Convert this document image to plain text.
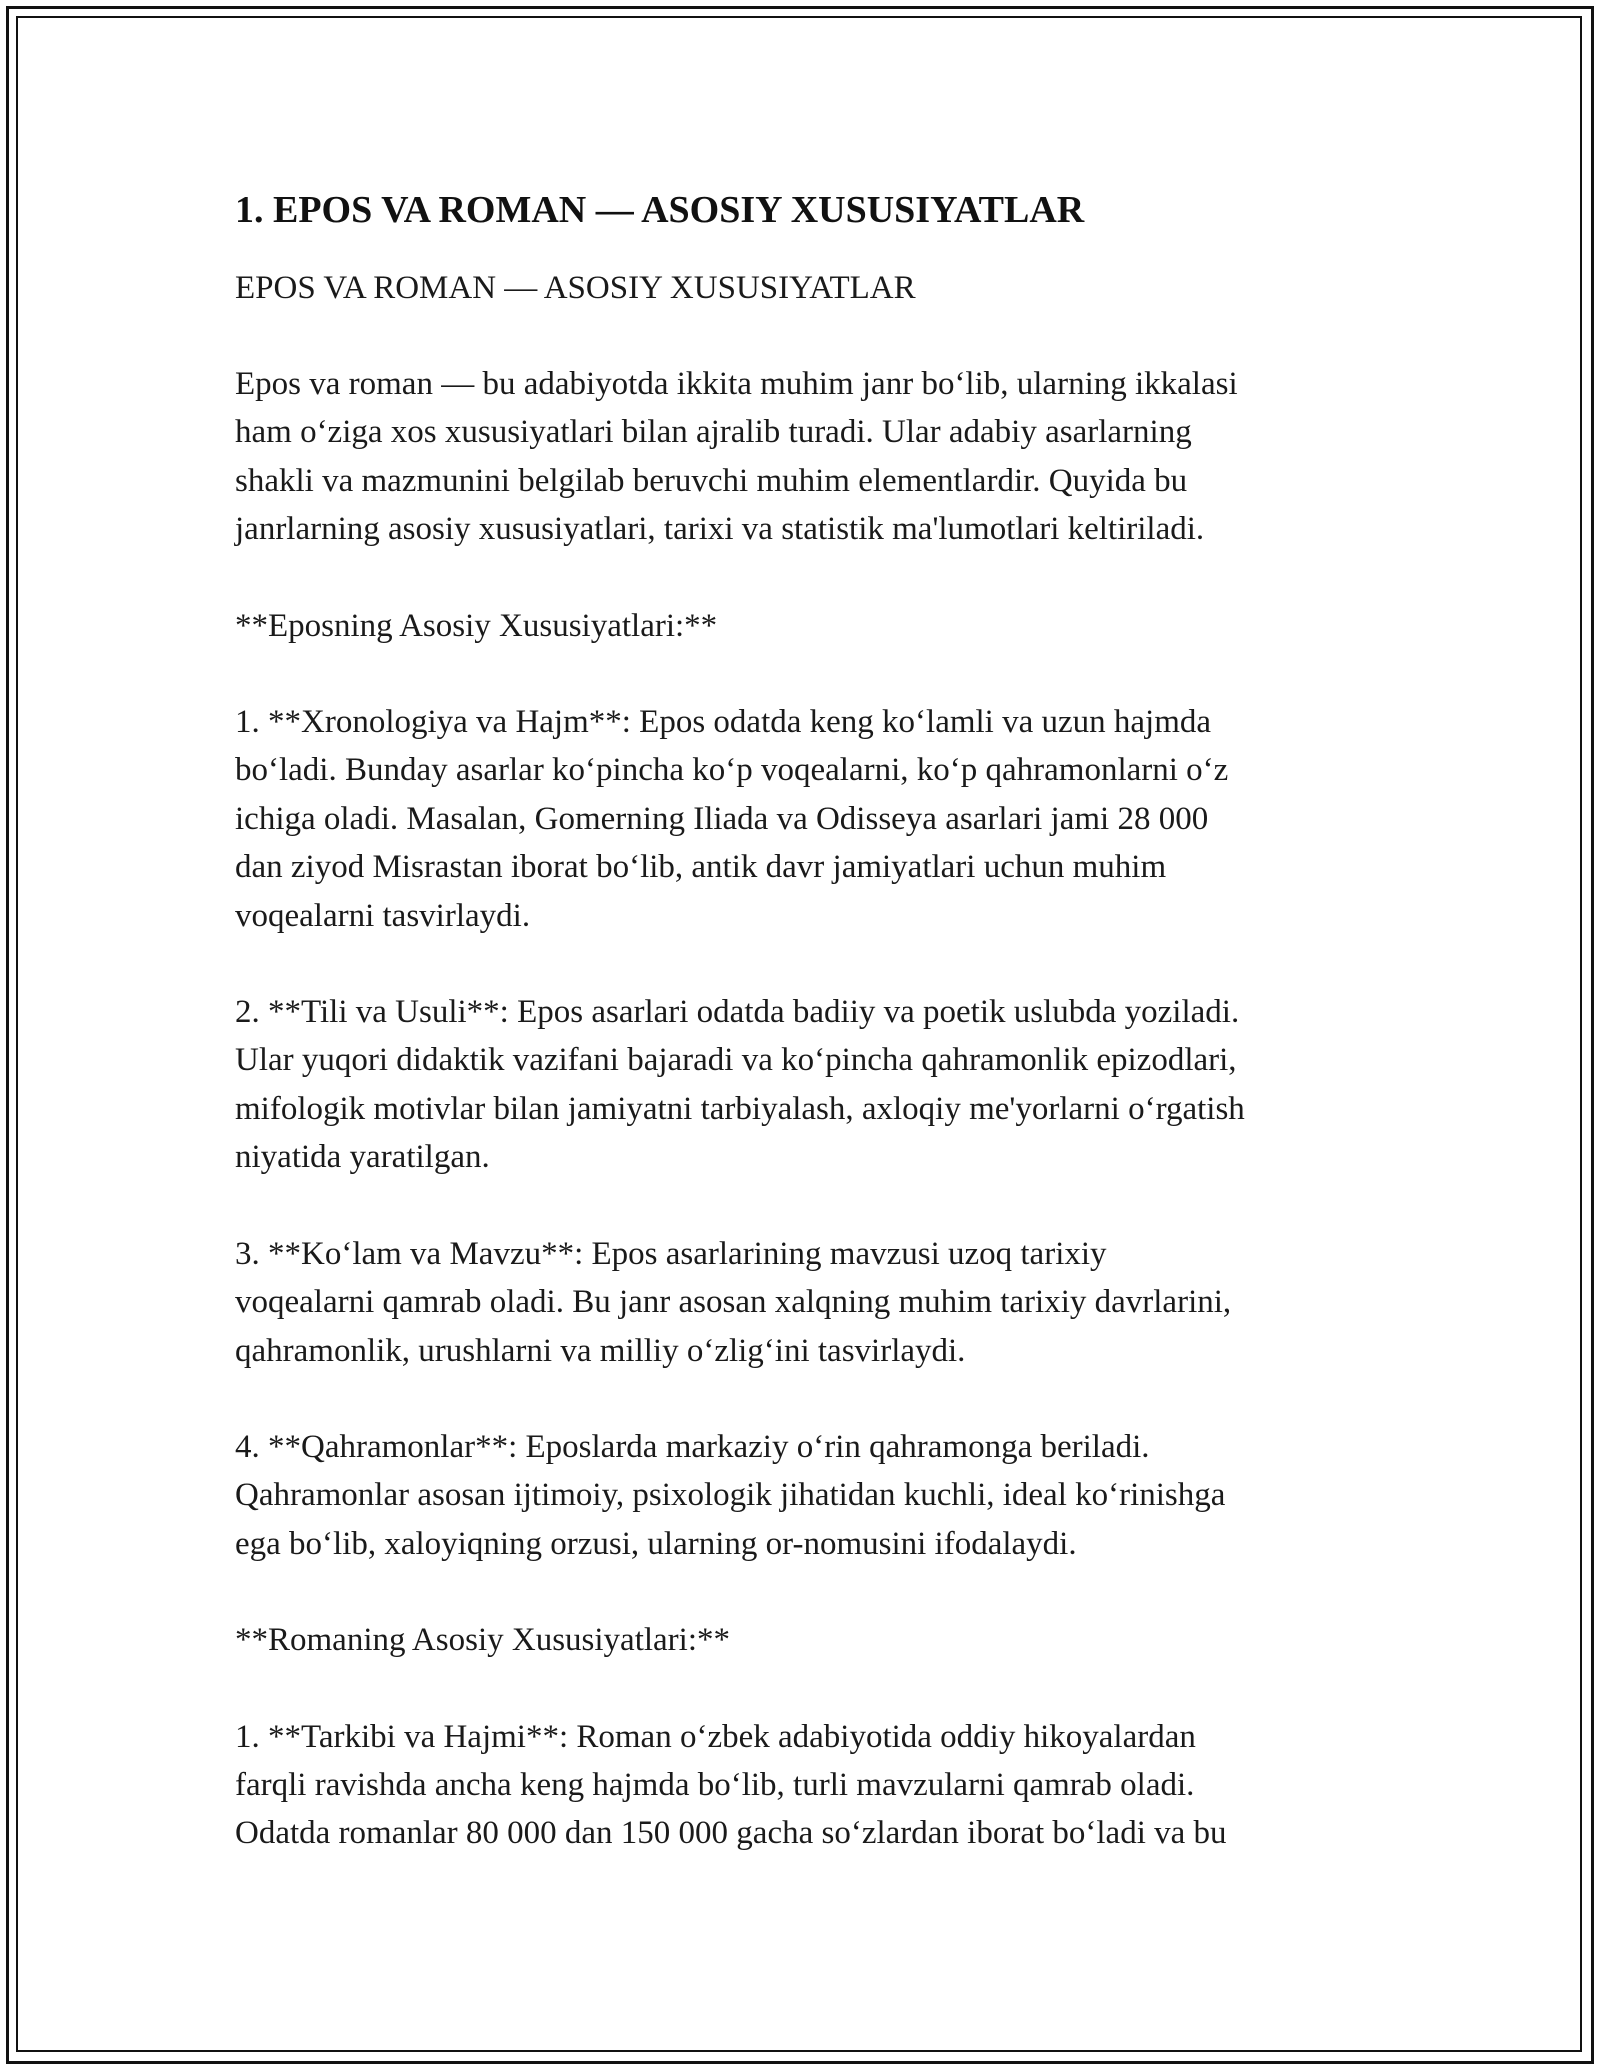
1. EPOS VA ROMAN — ASOSIY XUSUSIYATLAR
EPOS VA ROMAN — ASOSIY XUSUSIYATLAR

Epos va roman — bu adabiyotda ikkita muhim janr bo‘lib, ularning ikkalasi
ham o‘ziga xos xususiyatlari bilan ajralib turadi. Ular adabiy asarlarning
shakli va mazmunini belgilab beruvchi muhim elementlardir. Quyida bu
janrlarning asosiy xususiyatlari, tarixi va statistik ma'lumotlari keltiriladi.

**Eposning Asosiy Xususiyatlari:**

1. **Xronologiya va Hajm**: Epos odatda keng ko‘lamli va uzun hajmda
bo‘ladi. Bunday asarlar ko‘pincha ko‘p voqealarni, ko‘p qahramonlarni o‘z
ichiga oladi. Masalan, Gomerning Iliada va Odisseya asarlari jami 28 000
dan ziyod Misrastan iborat bo‘lib, antik davr jamiyatlari uchun muhim
voqealarni tasvirlaydi.

2. **Tili va Usuli**: Epos asarlari odatda badiiy va poetik uslubda yoziladi.
Ular yuqori didaktik vazifani bajaradi va ko‘pincha qahramonlik epizodlari,
mifologik motivlar bilan jamiyatni tarbiyalash, axloqiy me'yorlarni o‘rgatish
niyatida yaratilgan.

3. **Ko‘lam va Mavzu**: Epos asarlarining mavzusi uzoq tarixiy
voqealarni qamrab oladi. Bu janr asosan xalqning muhim tarixiy davrlarini,
qahramonlik, urushlarni va milliy o‘zlig‘ini tasvirlaydi.

4. **Qahramonlar**: Eposlarda markaziy o‘rin qahramonga beriladi.
Qahramonlar asosan ijtimoiy, psixologik jihatidan kuchli, ideal ko‘rinishga
ega bo‘lib, xaloyiqning orzusi, ularning or-nomusini ifodalaydi.

**Romaning Asosiy Xususiyatlari:**

1. **Tarkibi va Hajmi**: Roman o‘zbek adabiyotida oddiy hikoyalardan
farqli ravishda ancha keng hajmda bo‘lib, turli mavzularni qamrab oladi.
Odatda romanlar 80 000 dan 150 000 gacha so‘zlardan iborat bo‘ladi va bu
